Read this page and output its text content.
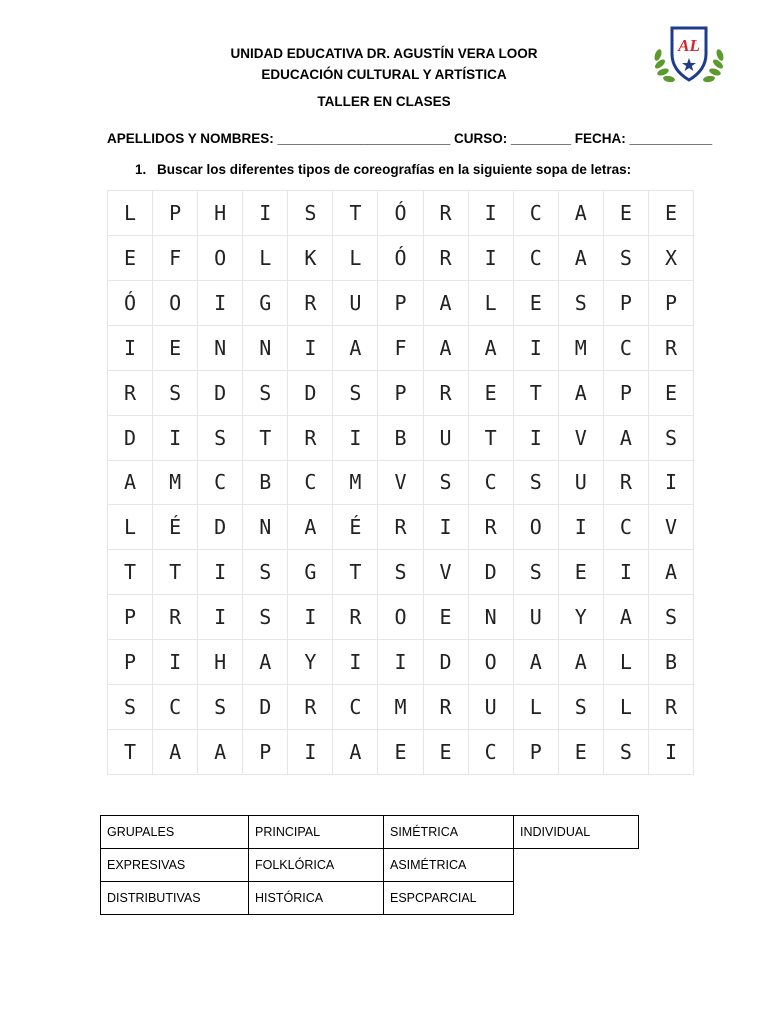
UNIDAD EDUCATIVA DR. AGUSTÍN VERA LOOR
EDUCACIÓN CULTURAL Y ARTÍSTICA
TALLER EN CLASES
AL
APELLIDOS Y NOMBRES: _______________________ CURSO: ________ FECHA: ___________
1. Buscar los diferentes tipos de coreografías en la siguiente sopa de letras:
L	P	H	I	S	T	Ó	R	I	C	A	E	E
E	F	O	L	K	L	Ó	R	I	C	A	S	X
Ó	O	I	G	R	U	P	A	L	E	S	P	P
I	E	N	N	I	A	F	A	A	I	M	C	R
R	S	D	S	D	S	P	R	E	T	A	P	E
D	I	S	T	R	I	B	U	T	I	V	A	S
A	M	C	B	C	M	V	S	C	S	U	R	I
L	É	D	N	A	É	R	I	R	O	I	C	V
T	T	I	S	G	T	S	V	D	S	E	I	A
P	R	I	S	I	R	O	E	N	U	Y	A	S
P	I	H	A	Y	I	I	D	O	A	A	L	B
S	C	S	D	R	C	M	R	U	L	S	L	R
T	A	A	P	I	A	E	E	C	P	E	S	I
GRUPALES	PRINCIPAL	SIMÉTRICA	INDIVIDUAL
EXPRESIVAS	FOLKLÓRICA	ASIMÉTRICA	
DISTRIBUTIVAS	HISTÓRICA	ESPCPARCIAL	
